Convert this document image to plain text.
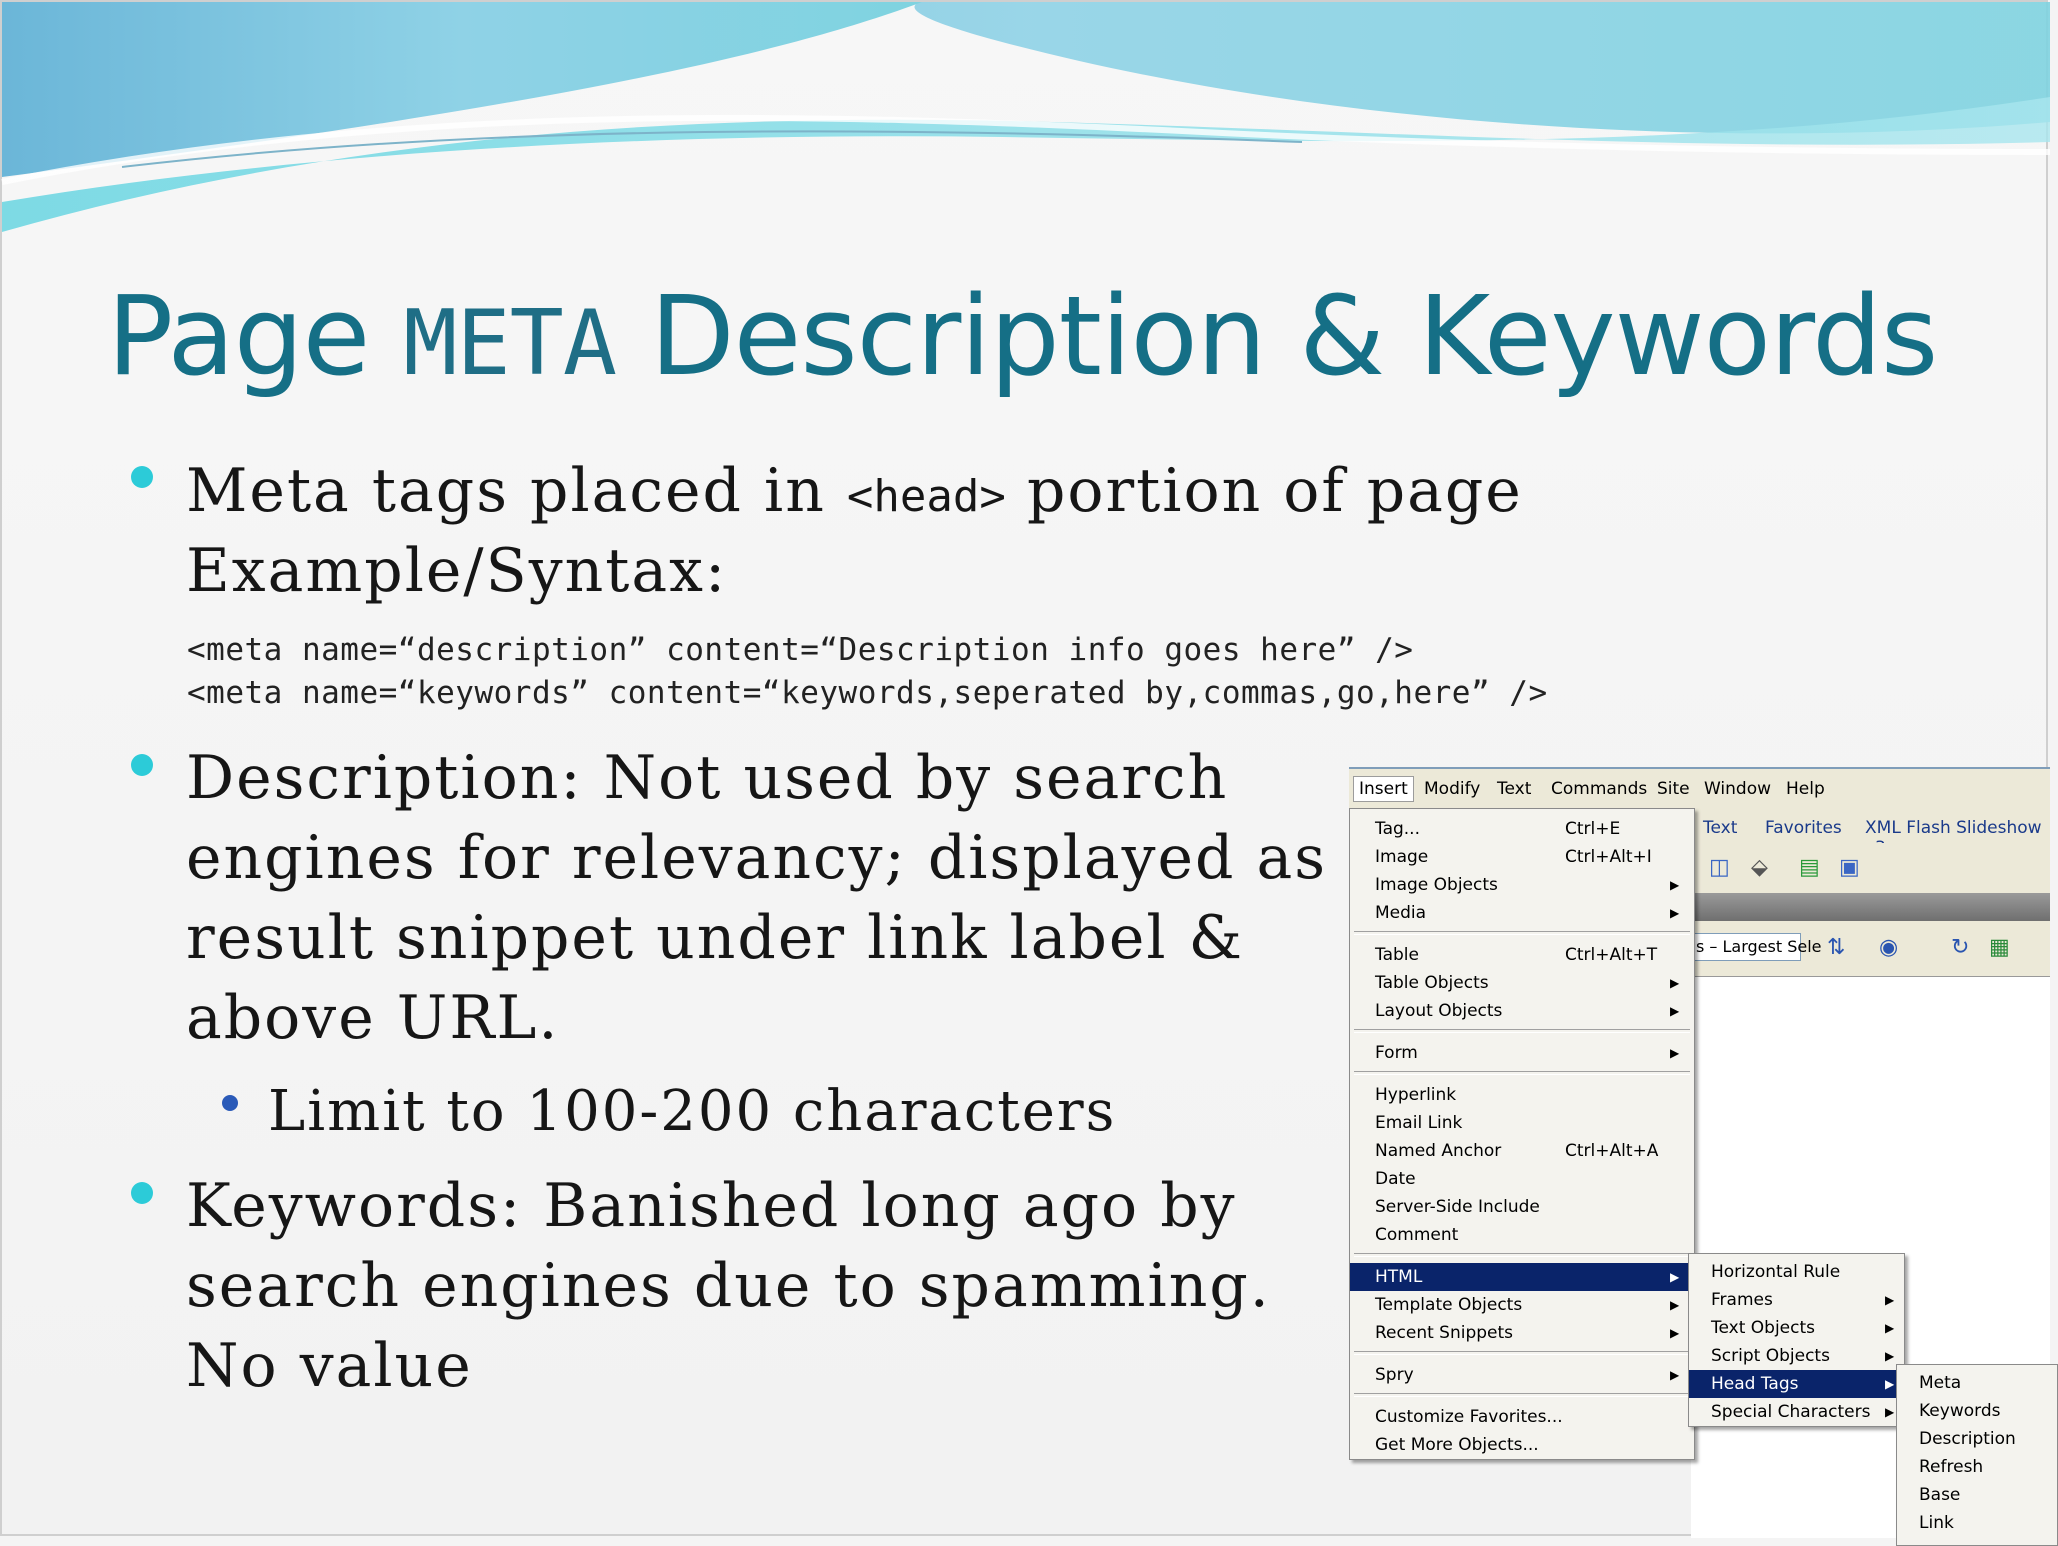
Page META Description & Keywords
Meta tags placed in <head> portion of page
Example/Syntax:
<meta name=“description” content=“Description info goes here” />
<meta name=“keywords” content=“keywords,seperated by,commas,go,here” />
Description: Not used by search
engines for relevancy; displayed as
result snippet under link label &
above URL.
Limit to 100-200 characters
Keywords: Banished long ago by
search engines due to spamming.
No value
Insert Modify Text Commands Site Window Help
Text Favorites XML Flash Slideshow
◫ ⬙ ▤ ▣
s – Largest Sele ⇅ ◉ ↻ ▦
Tag...	Ctrl+E
Image	Ctrl+Alt+I
Image Objects	▶
Media	▶
Table	Ctrl+Alt+T
Table Objects	▶
Layout Objects	▶
Form	▶
Hyperlink
Email Link
Named Anchor	Ctrl+Alt+A
Date
Server-Side Include
Comment
HTML	▶
Template Objects	▶
Recent Snippets	▶
Spry	▶
Customize Favorites...
Get More Objects...
Horizontal Rule
Frames	▶
Text Objects	▶
Script Objects	▶
Head Tags	▶
Special Characters ▶
Meta
Keywords
Description
Refresh
Base
Link
